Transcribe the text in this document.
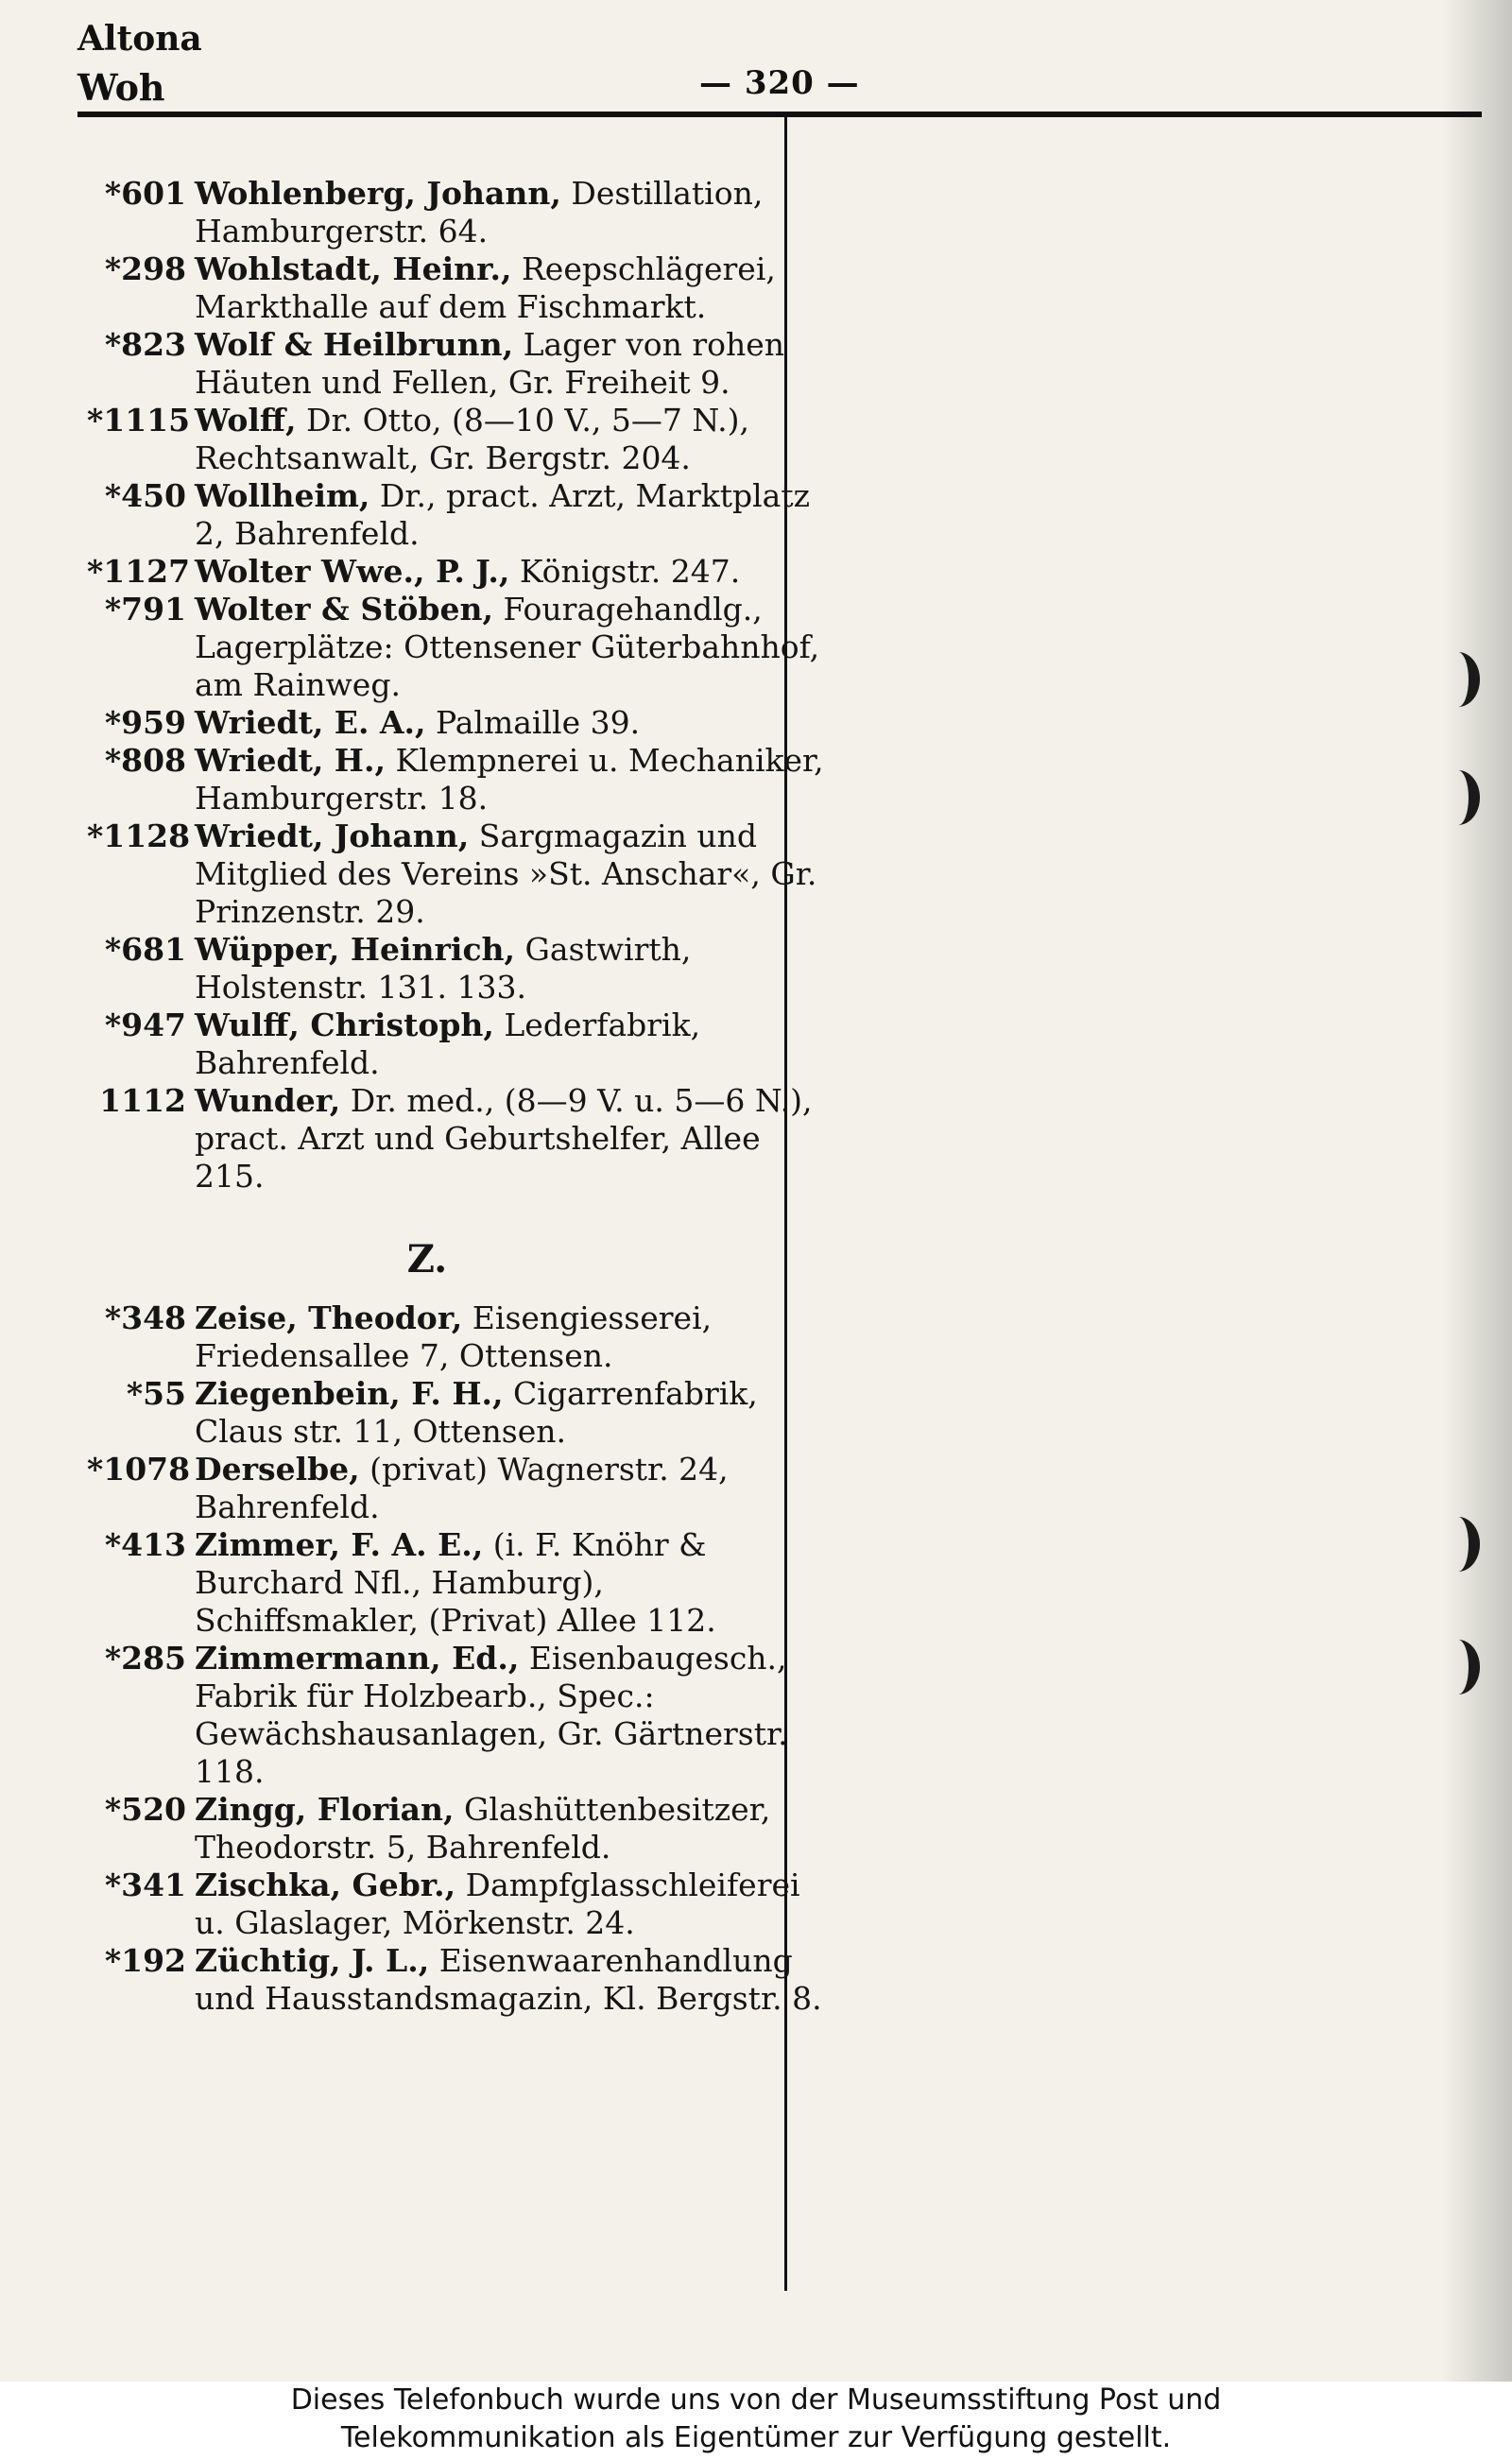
Altona
Woh	— 320 —
*601 Wohlenberg, Johann, Destillation, Hamburgerstr. 64.
*298 Wohlstadt, Heinr., Reepschlägerei, Markthalle auf dem Fischmarkt.
*823 Wolf & Heilbrunn, Lager von rohen Häuten und Fellen, Gr. Freiheit 9.
*1115 Wolff, Dr. Otto, (8—10 V., 5—7 N.), Rechtsanwalt, Gr. Bergstr. 204.
*450 Wollheim, Dr., pract. Arzt, Marktplatz 2, Bahrenfeld.
*1127 Wolter Wwe., P. J., Königstr. 247.
*791 Wolter & Stöben, Fouragehandlg., Lagerplätze: Ottensener Güterbahnhof, am Rainweg.
*959 Wriedt, E. A., Palmaille 39.
*808 Wriedt, H., Klempnerei u. Mechaniker, Hamburgerstr. 18.
*1128 Wriedt, Johann, Sargmagazin und Mitglied des Vereins »St. Anschar«, Gr. Prinzenstr. 29.
*681 Wüpper, Heinrich, Gastwirth, Holstenstr. 131. 133.
*947 Wulff, Christoph, Lederfabrik, Bahrenfeld.
1112 Wunder, Dr. med., (8—9 V. u. 5—6 N.), pract. Arzt und Geburtshelfer, Allee 215.
Z.
*348 Zeise, Theodor, Eisengiesserei, Friedensallee 7, Ottensen.
*55 Ziegenbein, F. H., Cigarrenfabrik, Claus str. 11, Ottensen.
*1078 Derselbe, (privat) Wagnerstr. 24, Bahrenfeld.
*413 Zimmer, F. A. E., (i. F. Knöhr & Burchard Nfl., Hamburg), Schiffsmakler, (Privat) Allee 112.
*285 Zimmermann, Ed., Eisenbaugesch., Fabrik für Holzbearb., Spec.: Gewächshausanlagen, Gr. Gärtnerstr. 118.
*520 Zingg, Florian, Glashüttenbesitzer, Theodorstr. 5, Bahrenfeld.
*341 Zischka, Gebr., Dampfglasschleiferei u. Glaslager, Mörkenstr. 24.
*192 Züchtig, J. L., Eisenwaarenhandlung und Hausstandsmagazin, Kl. Bergstr. 8.
Dieses Telefonbuch wurde uns von der Museumsstiftung Post und
Telekommunikation als Eigentümer zur Verfügung gestellt.
